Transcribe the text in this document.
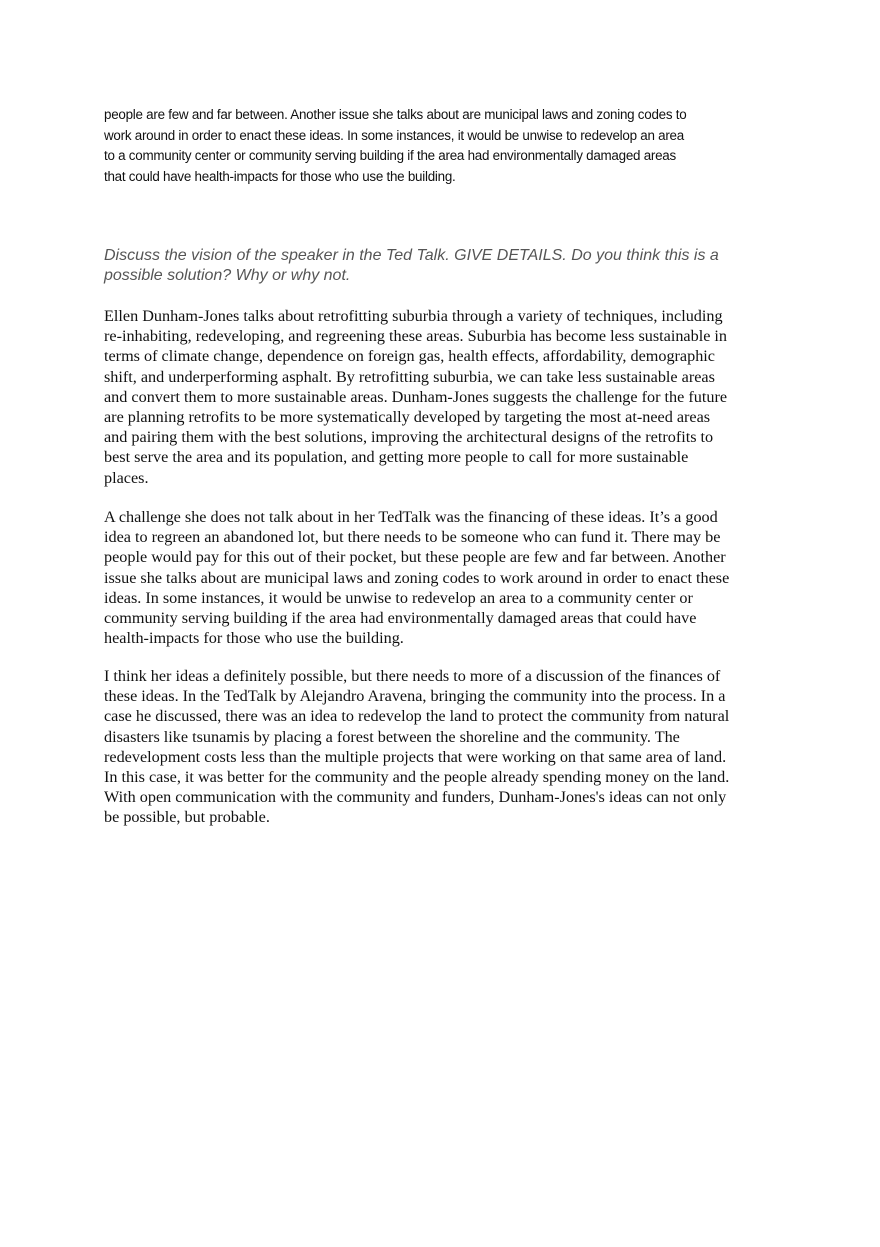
people are few and far between. Another issue she talks about are municipal laws and zoning codes to
work around in order to enact these ideas. In some instances, it would be unwise to redevelop an area
to a community center or community serving building if the area had environmentally damaged areas
that could have health-impacts for those who use the building.
Discuss the vision of the speaker in the Ted Talk. GIVE DETAILS. Do you think this is a
possible solution? Why or why not.
Ellen Dunham-Jones talks about retrofitting suburbia through a variety of techniques, including
re-inhabiting, redeveloping, and regreening these areas. Suburbia has become less sustainable in
terms of climate change, dependence on foreign gas, health effects, affordability, demographic
shift, and underperforming asphalt. By retrofitting suburbia, we can take less sustainable areas
and convert them to more sustainable areas. Dunham-Jones suggests the challenge for the future
are planning retrofits to be more systematically developed by targeting the most at-need areas
and pairing them with the best solutions, improving the architectural designs of the retrofits to
best serve the area and its population, and getting more people to call for more sustainable
places.
A challenge she does not talk about in her TedTalk was the financing of these ideas. It’s a good
idea to regreen an abandoned lot, but there needs to be someone who can fund it. There may be
people would pay for this out of their pocket, but these people are few and far between. Another
issue she talks about are municipal laws and zoning codes to work around in order to enact these
ideas. In some instances, it would be unwise to redevelop an area to a community center or
community serving building if the area had environmentally damaged areas that could have
health-impacts for those who use the building.
I think her ideas a definitely possible, but there needs to more of a discussion of the finances of
these ideas. In the TedTalk by Alejandro Aravena, bringing the community into the process. In a
case he discussed, there was an idea to redevelop the land to protect the community from natural
disasters like tsunamis by placing a forest between the shoreline and the community. The
redevelopment costs less than the multiple projects that were working on that same area of land.
In this case, it was better for the community and the people already spending money on the land.
With open communication with the community and funders, Dunham-Jones's ideas can not only
be possible, but probable.
